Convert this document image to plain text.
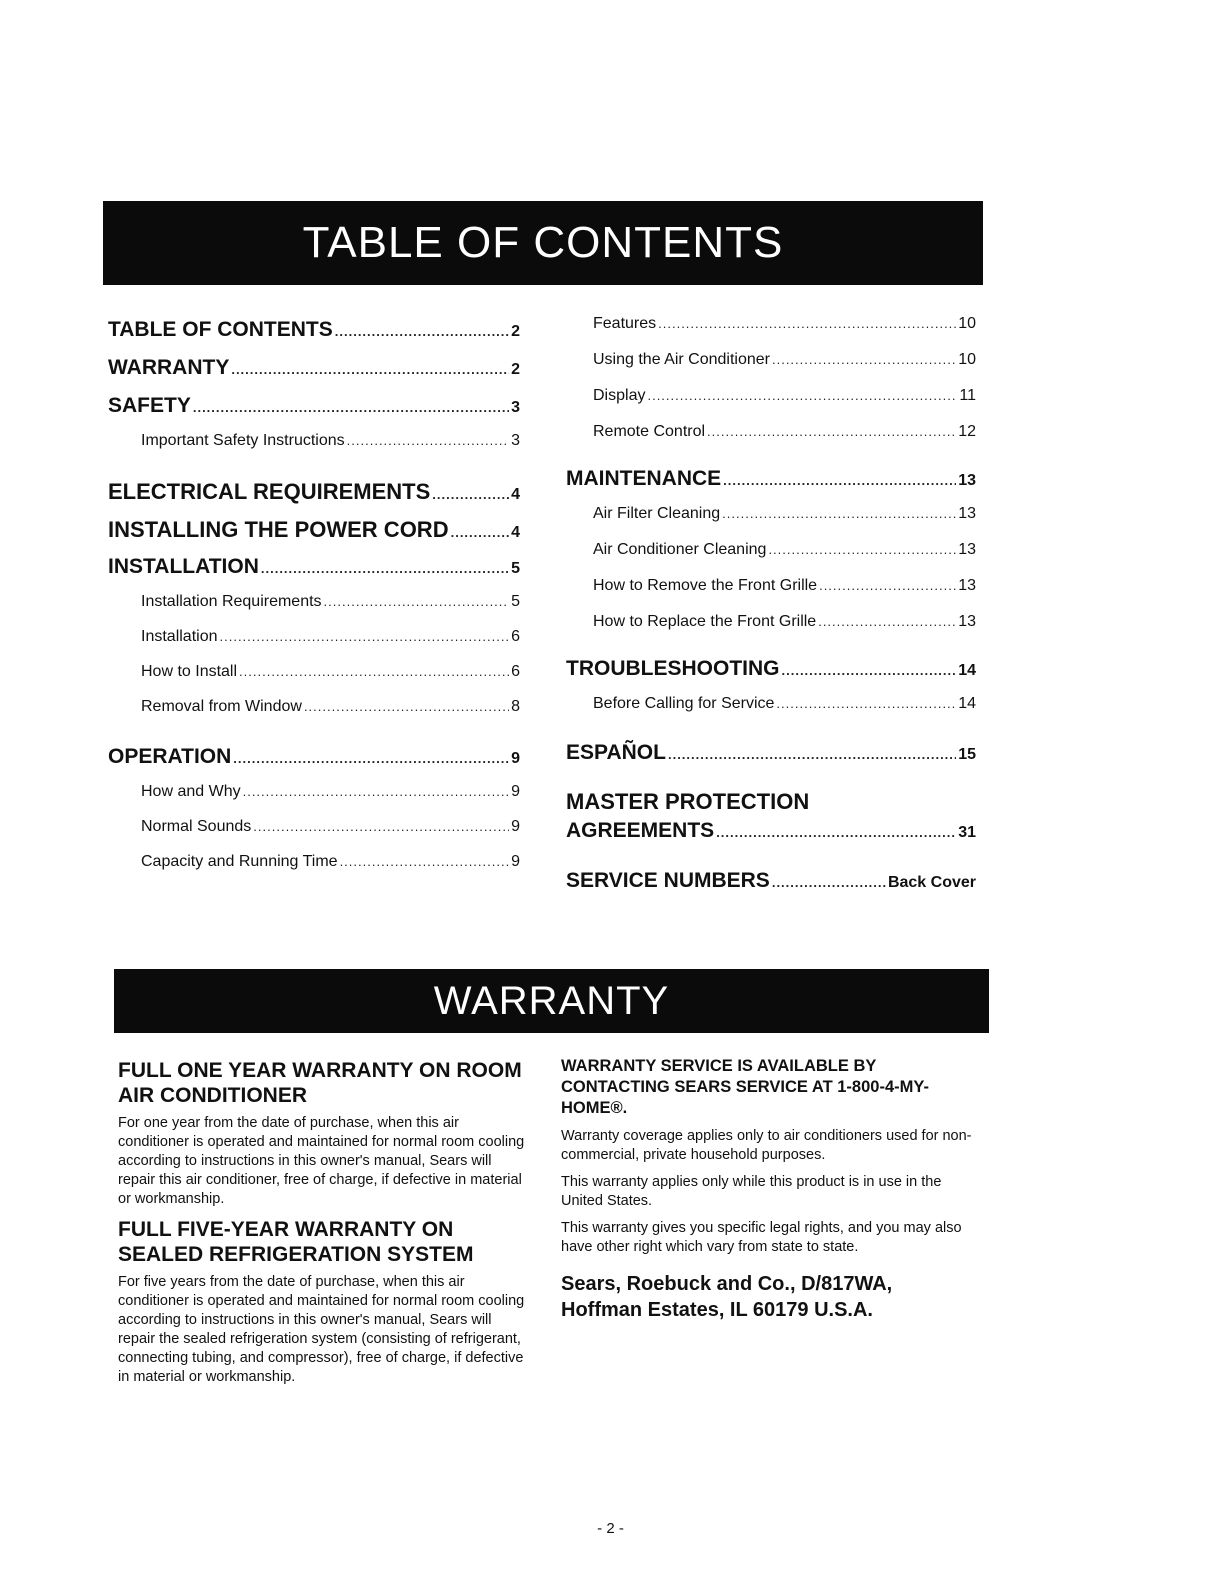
TABLE OF CONTENTS
TABLE OF CONTENTS .....	2
WARRANTY .....	2
SAFETY .....	3
Important Safety Instructions .....	3
ELECTRICAL REQUIREMENTS .....	4
INSTALLING THE POWER CORD .....	4
INSTALLATION .....	5
Installation Requirements .....	5
Installation .....	6
How to Install .....	6
Removal from Window .....	8
OPERATION .....	9
How and Why .....	9
Normal Sounds .....	9
Capacity and Running Time .....	9
Features .....	10
Using the Air Conditioner .....	10
Display .....	11
Remote Control .....	12
MAINTENANCE .....	13
Air Filter Cleaning .....	13
Air Conditioner Cleaning .....	13
How to Remove the Front Grille .....	13
How to Replace the Front Grille .....	13
TROUBLESHOOTING .....	14
Before Calling for Service .....	14
ESPAÑOL .....	15
MASTER PROTECTION
AGREEMENTS .....	31
SERVICE NUMBERS .....	Back Cover
WARRANTY
FULL ONE YEAR WARRANTY ON ROOM AIR CONDITIONER

For one year from the date of purchase, when this air conditioner is operated and maintained for normal room cooling according to instructions in this owner's manual, Sears will repair this air conditioner, free of charge, if defective in material or workmanship.

FULL FIVE-YEAR WARRANTY ON SEALED REFRIGERATION SYSTEM

For five years from the date of purchase, when this air conditioner is operated and maintained for normal room cooling according to instructions in this owner's manual, Sears will repair the sealed refrigeration system (consisting of refrigerant, connecting tubing, and compressor), free of charge, if defective in material or workmanship.

WARRANTY SERVICE IS AVAILABLE BY CONTACTING SEARS SERVICE AT 1-800-4-MY-HOME®.

Warranty coverage applies only to air conditioners used for non-commercial, private household purposes.

This warranty applies only while this product is in use in the United States.

This warranty gives you specific legal rights, and you may also have other right which vary from state to state.

Sears, Roebuck and Co., D/817WA,
Hoffman Estates, IL 60179 U.S.A.
- 2 -
